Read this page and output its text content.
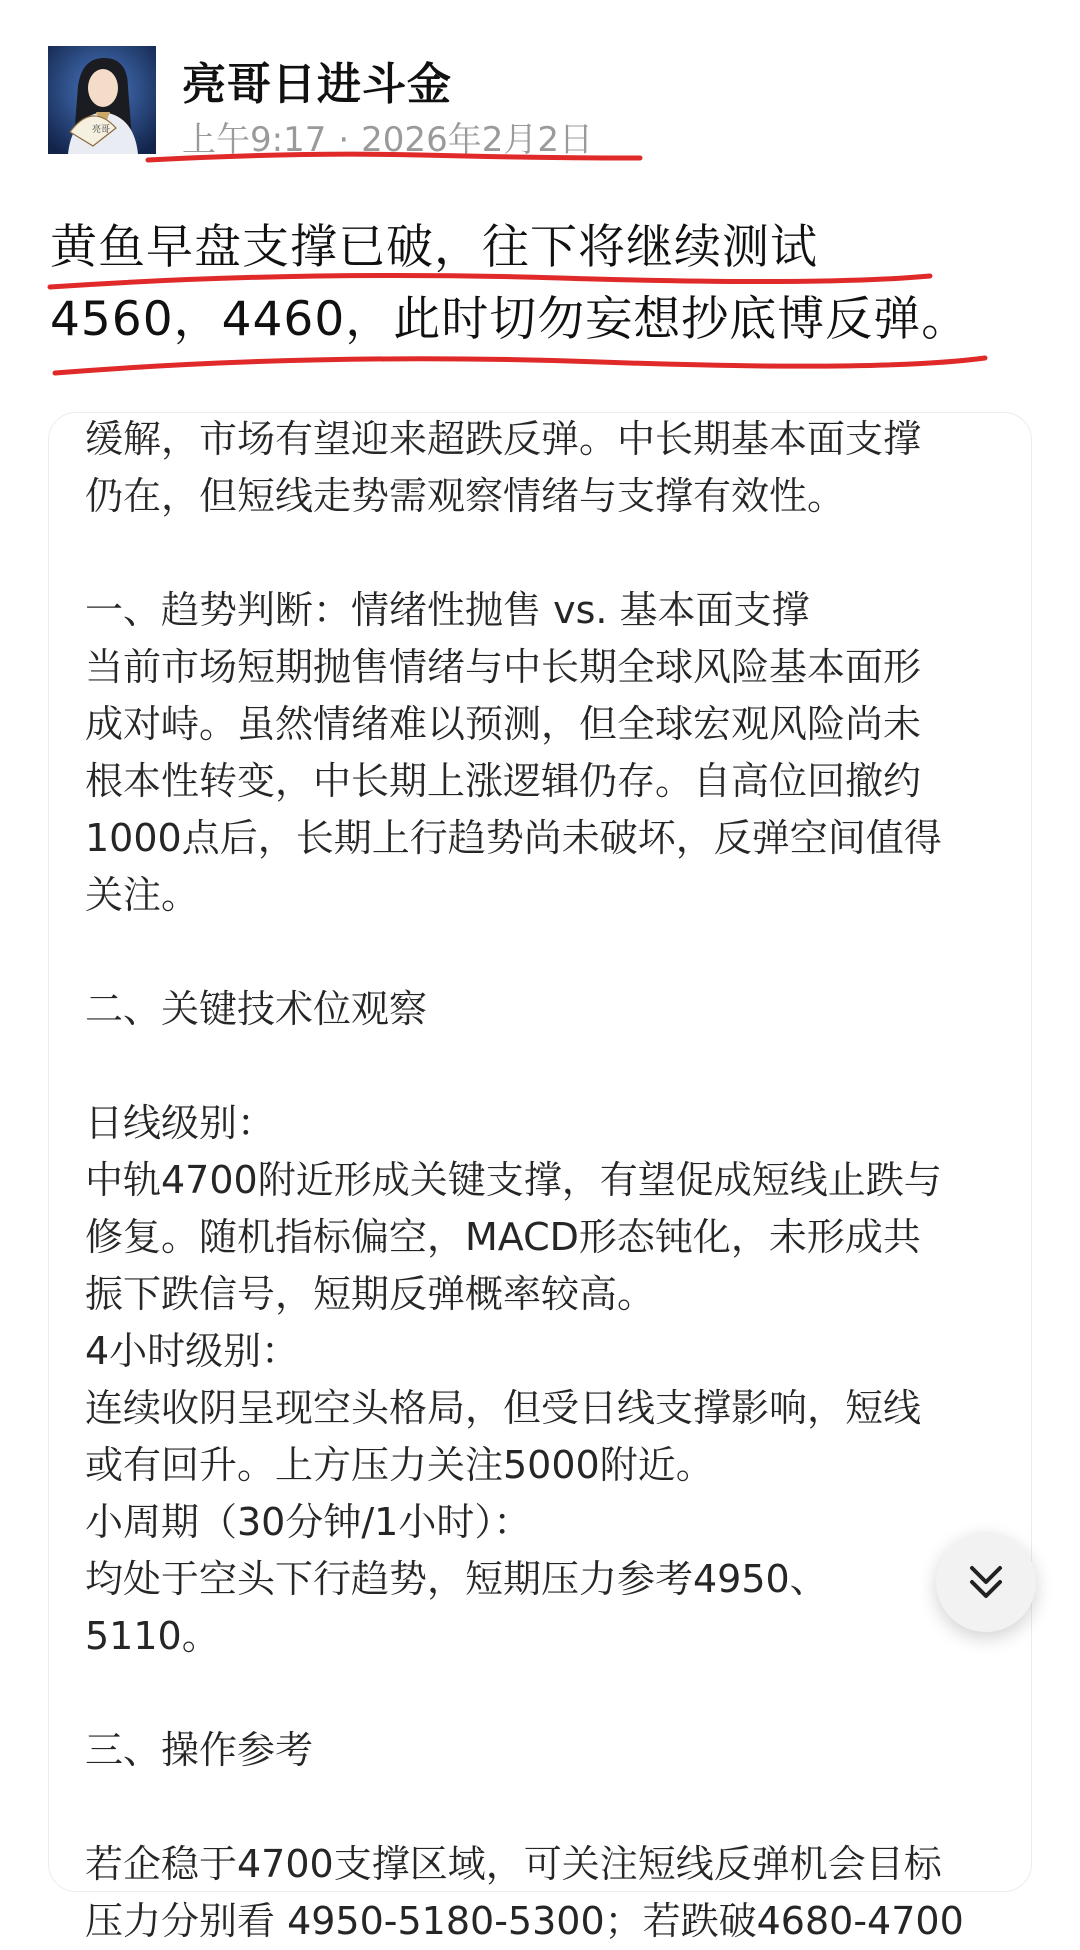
亮哥
亮哥日进斗金
上午9:17 · 2026年2月2日
黄鱼早盘支撑已破，往下将继续测试
4560，4460，此时切勿妄想抄底博反弹。
缓解，市场有望迎来超跌反弹。中长期基本面支撑
仍在，但短线走势需观察情绪与支撑有效性。
一、趋势判断：情绪性抛售 vs. 基本面支撑
当前市场短期抛售情绪与中长期全球风险基本面形
成对峙。虽然情绪难以预测，但全球宏观风险尚未
根本性转变，中长期上涨逻辑仍存。自高位回撤约
1000点后，长期上行趋势尚未破坏，反弹空间值得
关注。
二、关键技术位观察
日线级别：
中轨4700附近形成关键支撑，有望促成短线止跌与
修复。随机指标偏空，MACD形态钝化，未形成共
振下跌信号，短期反弹概率较高。
4小时级别：
连续收阴呈现空头格局，但受日线支撑影响，短线
或有回升。上方压力关注5000附近。
小周期（30分钟/1小时）：
均处于空头下行趋势，短期压力参考4950、
5110。
三、操作参考
若企稳于4700支撑区域，可关注短线反弹机会目标
压力分别看 4950-5180-5300；若跌破4680-4700
